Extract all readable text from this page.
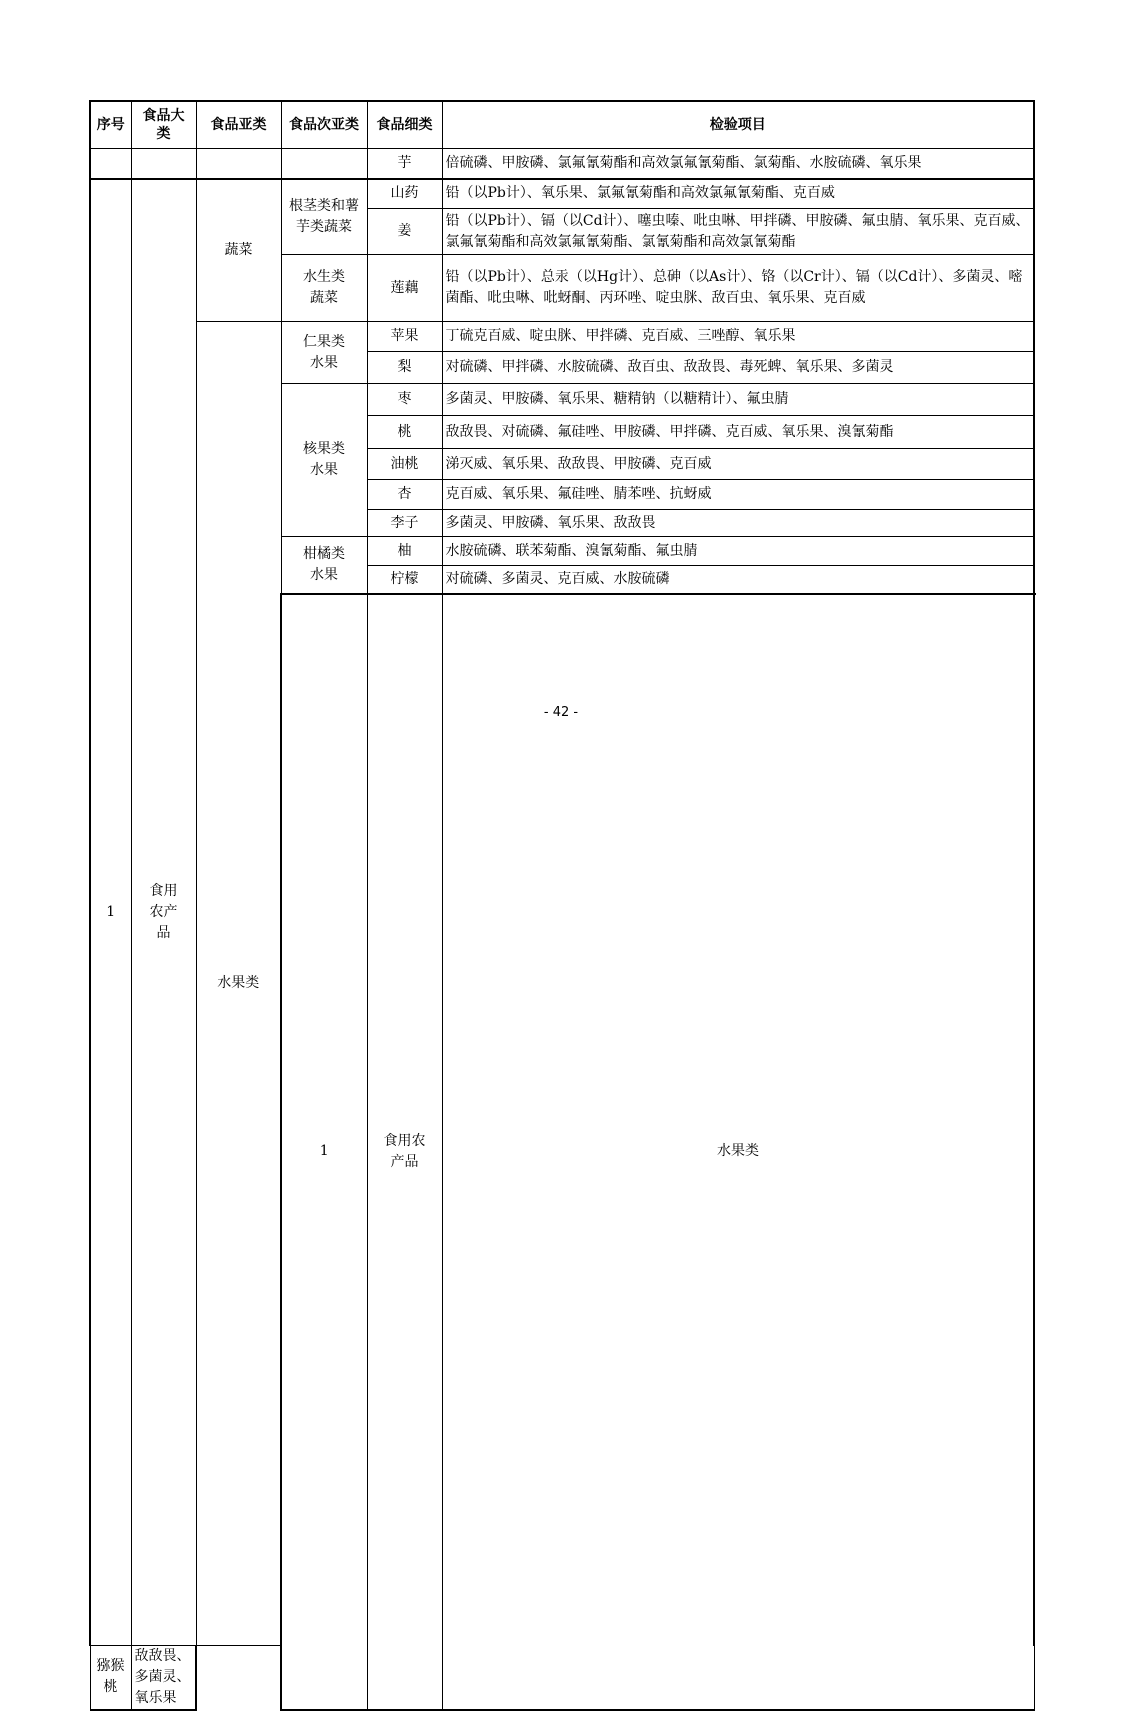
序号	食品大类	食品亚类	食品次亚类	食品细类	检验项目	
				芋	倍硫磷、甲胺磷、氯氟氰菊酯和高效氯氟氰菊酯、氯菊酯、水胺硫磷、氧乐果	
1	食用农产品	蔬菜	根茎类和薯芋类蔬菜	山药	铅（以Pb计）、氧乐果、氯氟氰菊酯和高效氯氟氰菊酯、克百威	
				姜	铅（以Pb计）、镉（以Cd计）、噻虫嗪、吡虫啉、甲拌磷、甲胺磷、氟虫腈、氧乐果、克百威、氯氟氰菊酯和高效氯氟氰菊酯、氯氰菊酯和高效氯氰菊酯	
			水生类蔬菜	莲藕	铅（以Pb计）、总汞（以Hg计）、总砷（以As计）、铬（以Cr计）、镉（以Cd计）、多菌灵、嘧菌酯、吡虫啉、吡蚜酮、丙环唑、啶虫脒、敌百虫、氧乐果、克百威	
		水果类	仁果类水果	苹果	丁硫克百威、啶虫脒、甲拌磷、克百威、三唑醇、氧乐果	
				梨	对硫磷、甲拌磷、水胺硫磷、敌百虫、敌敌畏、毒死蜱、氧乐果、多菌灵	
			核果类水果	枣	多菌灵、甲胺磷、氧乐果、糖精钠（以糖精计）、氟虫腈	
				桃	敌敌畏、对硫磷、氟硅唑、甲胺磷、甲拌磷、克百威、氧乐果、溴氰菊酯	
				油桃	涕灭威、氧乐果、敌敌畏、甲胺磷、克百威	
				杏	克百威、氧乐果、氟硅唑、腈苯唑、抗蚜威	
				李子	多菌灵、甲胺磷、氧乐果、敌敌畏	
			柑橘类水果	柚	水胺硫磷、联苯菊酯、溴氰菊酯、氟虫腈	
				柠檬	对硫磷、多菌灵、克百威、水胺硫磷	
			1	食用农产品	水果类			
猕猴桃	敌敌畏、多菌灵、氧乐果					
- 42 -
